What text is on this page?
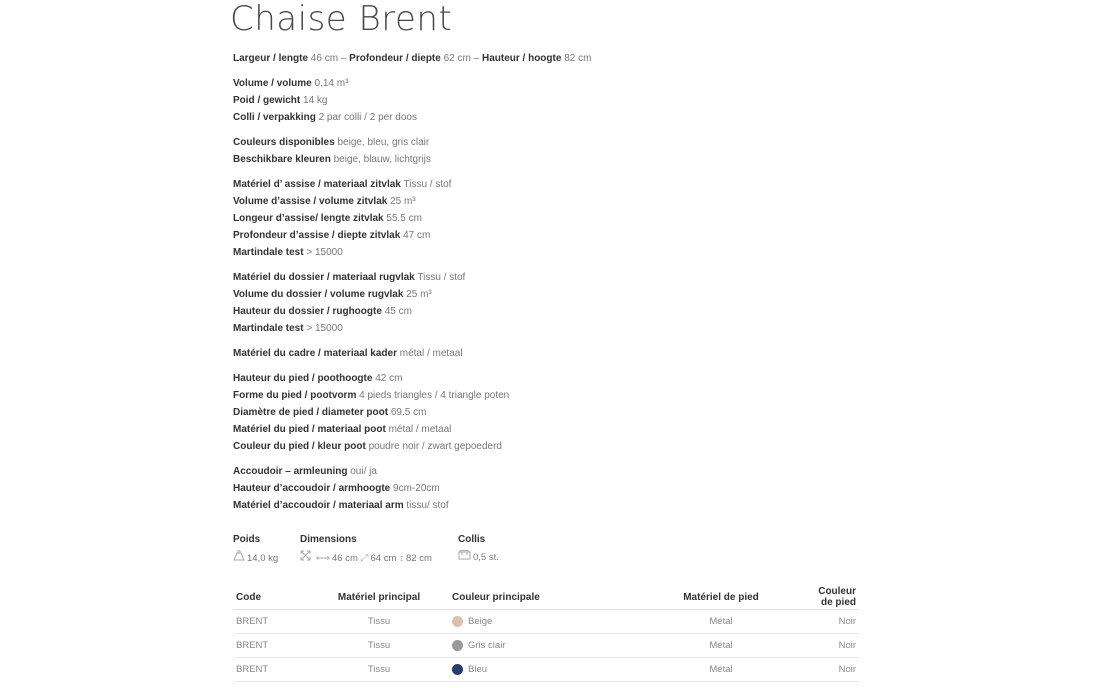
Chaise Brent
Largeur / lengte 46 cm – Profondeur / diepte 62 cm – Hauteur / hoogte 82 cm
Volume / volume 0,14 m³
Poid / gewicht 14 kg
Colli / verpakking 2 par colli / 2 per doos
Couleurs disponibles beige, bleu, gris clair
Beschikbare kleuren beige, blauw, lichtgrijs
Matériel d’ assise / materiaal zitvlak Tissu / stof
Volume d’assise / volume zitvlak 25 m³
Longeur d’assise/ lengte zitvlak 55.5 cm
Profondeur d’assise / diepte zitvlak 47 cm
Martindale test > 15000
Matériel du dossier / materiaal rugvlak Tissu / stof
Volume du dossier / volume rugvlak 25 m³
Hauteur du dossier / rughoogte 45 cm
Martindale test > 15000
Matériel du cadre / materiaal kader métal / metaal
Hauteur du pied / poothoogte 42 cm
Forme du pied / pootvorm 4 pieds triangles / 4 triangle poten
Diamètre de pied / diameter poot 69.5 cm
Matériel du pied / materiaal poot métal / metaal
Couleur du pied / kleur poot poudre noir / zwart gepoederd
Accoudoir – armleuning oui/ ja
Hauteur d’accoudoir / armhoogte 9cm-20cm
Matériel d’accoudoir / materiaal arm tissu/ stof
Poids
14,0 kg
Dimensions
⟷ 46 cm ⤢ 64 cm ↕ 82 cm
Collis
0,5 st.
Code	Matériel principal	Couleur principale	Matériel de pied	Couleur de pied
BRENT	Tissu	Beige	Métal	Noir
BRENT	Tissu	Gris clair	Métal	Noir
BRENT	Tissu	Bleu	Métal	Noir
